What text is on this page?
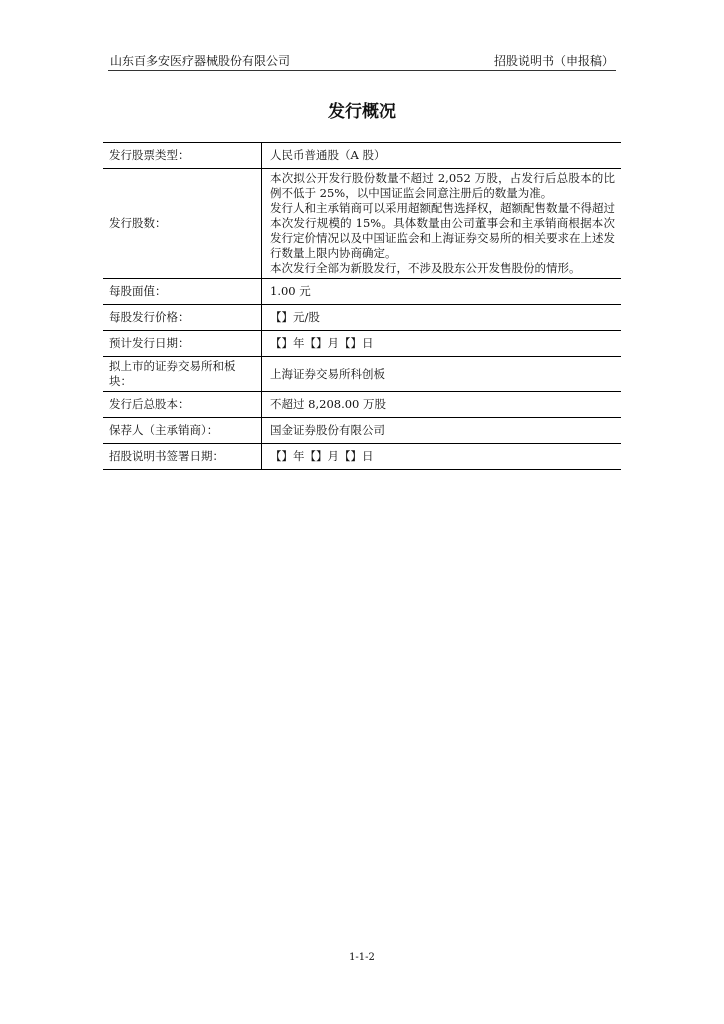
山东百多安医疗器械股份有限公司	招股说明书（申报稿）
发行概况
发行股票类型：	人民币普通股（A 股）
发行股数：	本次拟公开发行股份数量不超过 2,052 万股，占发行后总股本的比例不低于 25%，以中国证监会同意注册后的数量为准。
发行人和主承销商可以采用超额配售选择权，超额配售数量不得超过本次发行规模的 15%。具体数量由公司董事会和主承销商根据本次发行定价情况以及中国证监会和上海证券交易所的相关要求在上述发行数量上限内协商确定。
本次发行全部为新股发行，不涉及股东公开发售股份的情形。

每股面值：	1.00 元
每股发行价格：	【】元/股
预计发行日期：	【】年【】月【】日
拟上市的证券交易所和板块：	上海证券交易所科创板
发行后总股本：	不超过 8,208.00 万股
保荐人（主承销商）：	国金证券股份有限公司
招股说明书签署日期：	【】年【】月【】日
1-1-2
